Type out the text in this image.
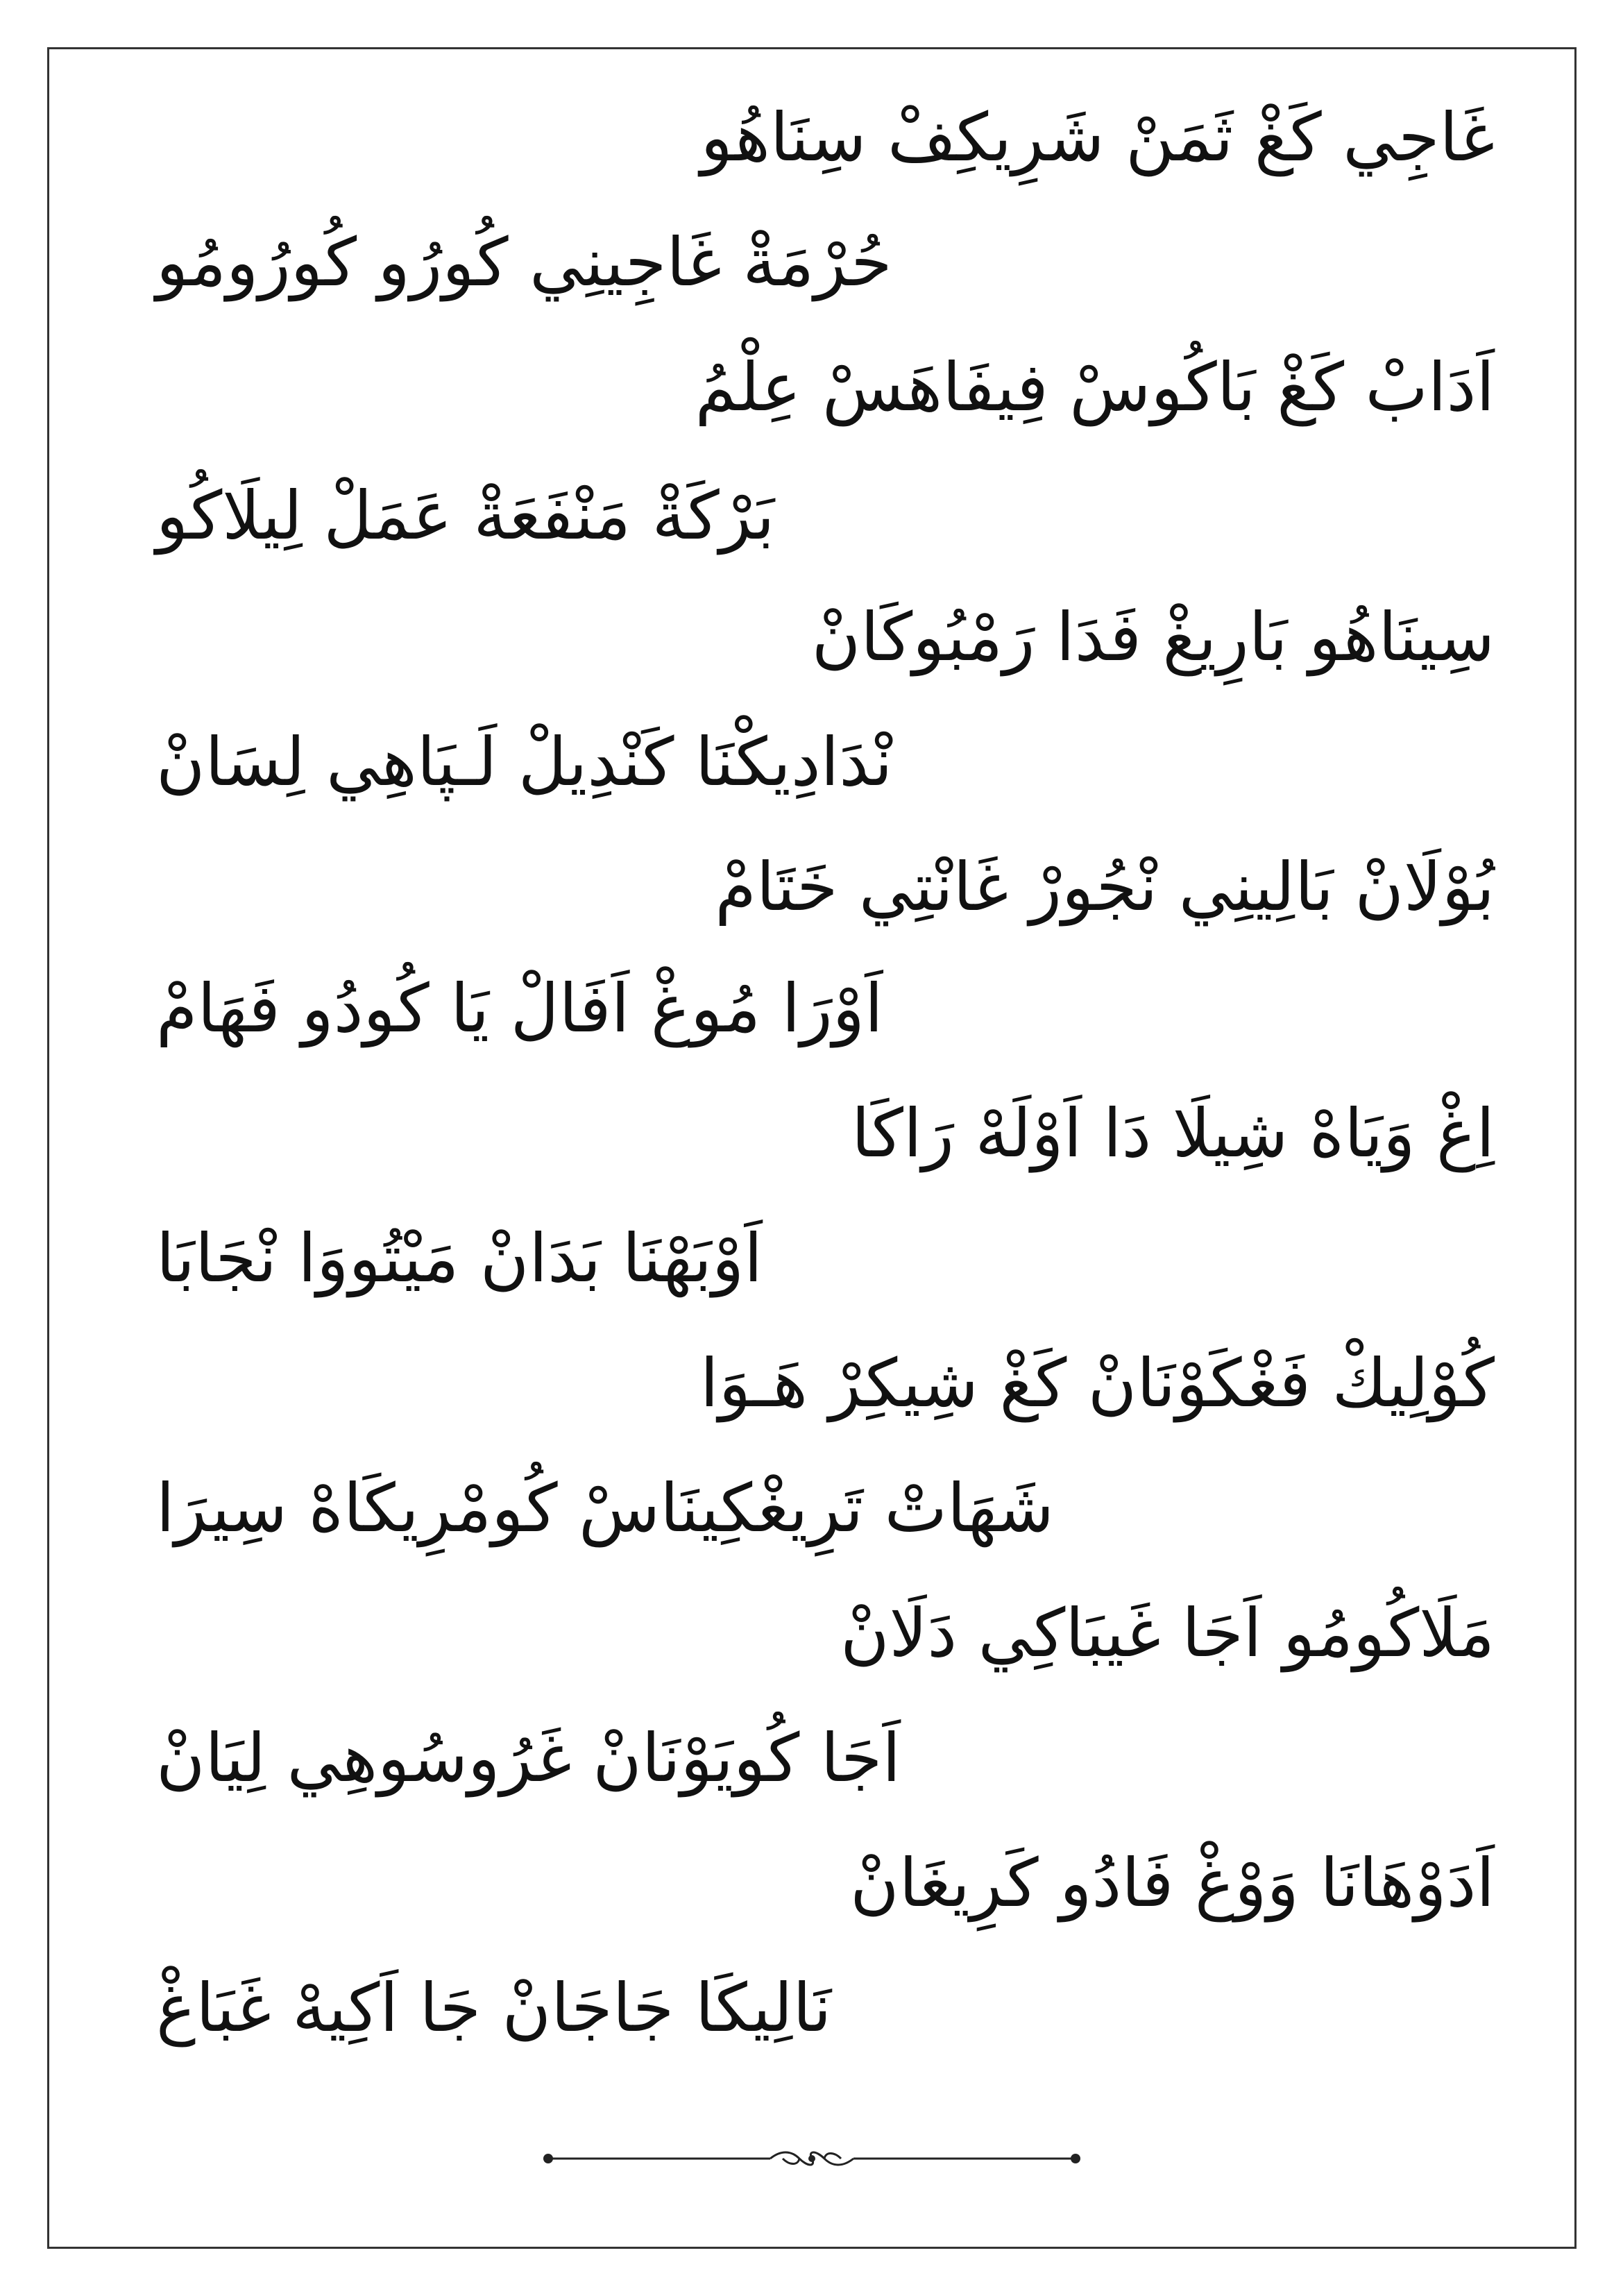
غَاجِي كَغْ ثَمَنْ شَرِيكِفْ سِنَاهُو
حُرْمَةْ غَاجِينِي كُورُو كُورُومُو
اَدَابْ كَغْ بَاكُوسْ فِيفَاهَسْ عِلْمُ
بَرْكَةْ مَنْفَعَةْ عَمَلْ لِيلَاكُو
سِينَاهُو بَارِيغْ فَدَا رَمْبُوكَانْ
نْدَادِيكْنَا كَنْدِيلْ لَـپَاهِي لِسَانْ
بُوْلَانْ بَالِينِي نْجُورْ غَانْتِي خَتَامْ
اَوْرَا مُوغْ اَفَالْ يَا كُودُو فَهَامْ
اِغْ وَيَاهْ شِيلَا دَا اَوْلَهْ رَاكَا
اَوْبَهْنَا بَدَانْ مَيْتُووَا نْجَابَا
كُوْلِيكْ فَغْكَوْنَانْ كَغْ شِيكِرْ هَـوَا
شَهَاتْ تَرِيغْكِينَاسْ كُومْرِيكَاهْ سِيرَا
مَلَاكُومُو اَجَا غَيبَاكِي دَلَانْ
اَجَا كُويَوْنَانْ غَرُوسُوهِي لِيَانْ
اَدَوْهَانَا وَوْغْ فَادُو كَرِيغَانْ
نَالِيكَا جَاجَانْ جَا اَكِيهْ غَبَاغْ
